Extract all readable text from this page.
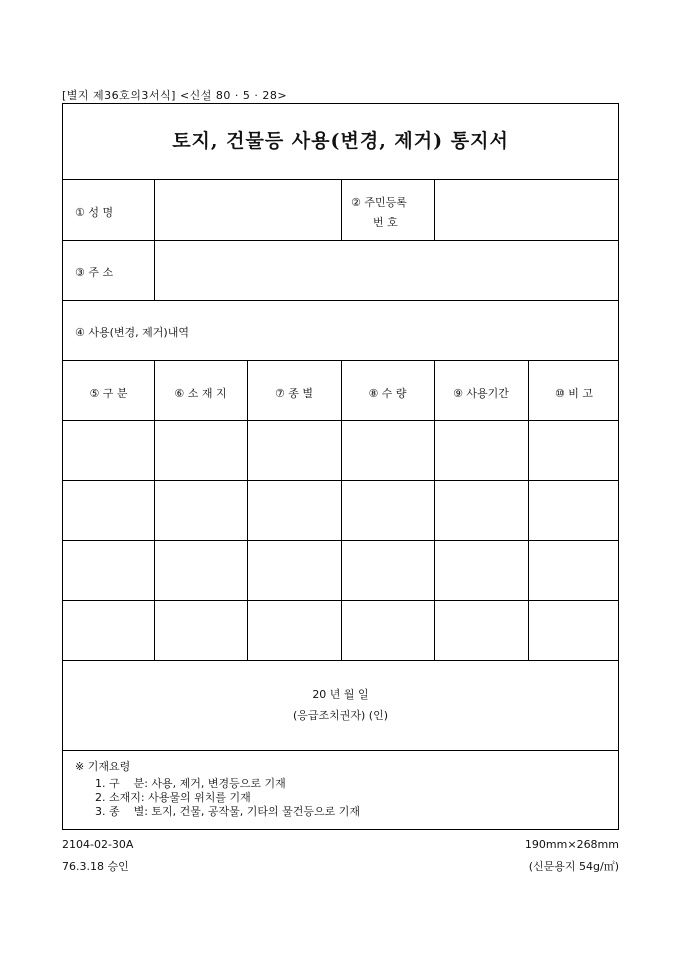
[별지 제36호의3서식] <신설 80 · 5 · 28>
토지, 건물등 사용(변경, 제거) 통지서
① 성 명
② 주민등록
번 호
③ 주 소
④ 사용(변경, 제거)내역
⑤ 구 분	⑥ 소 재 지	⑦ 종 별	⑧ 수 량	⑨ 사용기간	⑩ 비 고
20 년 월 일
(응급조치권자) (인)
※ 기재요령
1. 구    분: 사용, 제거, 변경등으로 기재
2. 소재지: 사용물의 위치를 기재
3. 종    별: 토지, 건물, 공작물, 기타의 물건등으로 기재
2104-02-30A
76.3.18 승인
190mm×268mm
(신문용지 54g/㎡)
